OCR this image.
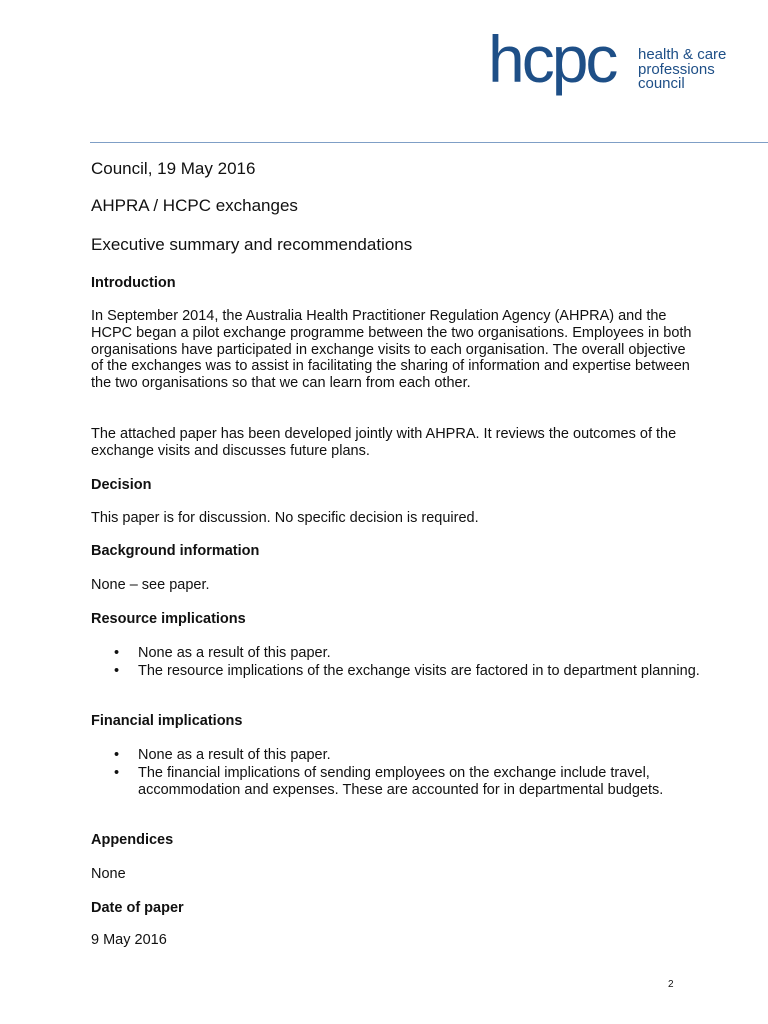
hcpc health & care
professions
council
Council, 19 May 2016
AHPRA / HCPC exchanges
Executive summary and recommendations
Introduction
In September 2014, the Australia Health Practitioner Regulation Agency (AHPRA) and the HCPC began a pilot exchange programme between the two organisations. Employees in both organisations have participated in exchange visits to each organisation. The overall objective of the exchanges was to assist in facilitating the sharing of information and expertise between the two organisations so that we can learn from each other.
The attached paper has been developed jointly with AHPRA. It reviews the outcomes of the exchange visits and discusses future plans.
Decision
This paper is for discussion. No specific decision is required.
Background information
None – see paper.
Resource implications
• None as a result of this paper.
• The resource implications of the exchange visits are factored in to department planning.
Financial implications
• None as a result of this paper.
• The financial implications of sending employees on the exchange include travel, accommodation and expenses. These are accounted for in departmental budgets.
Appendices
None
Date of paper
9 May 2016
2
